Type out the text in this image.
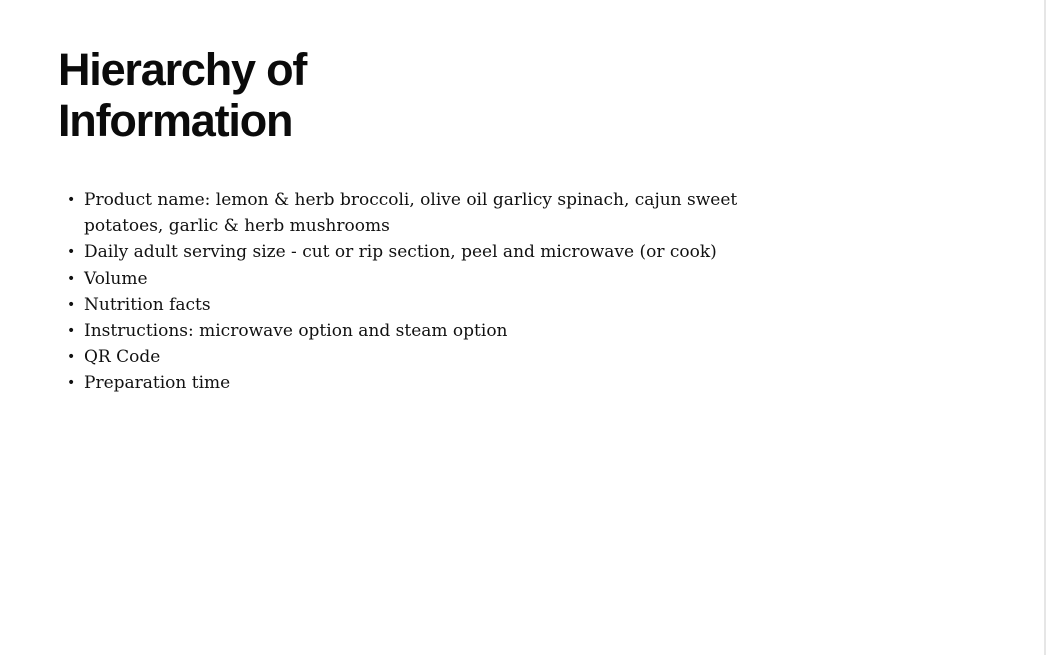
Hierarchy of
Information
• Product name: lemon & herb broccoli, olive oil garlicy spinach, cajun sweet potatoes, garlic & herb mushrooms
• Daily adult serving size - cut or rip section, peel and microwave (or cook)
• Volume
• Nutrition facts
• Instructions: microwave option and steam option
• QR Code
• Preparation time
